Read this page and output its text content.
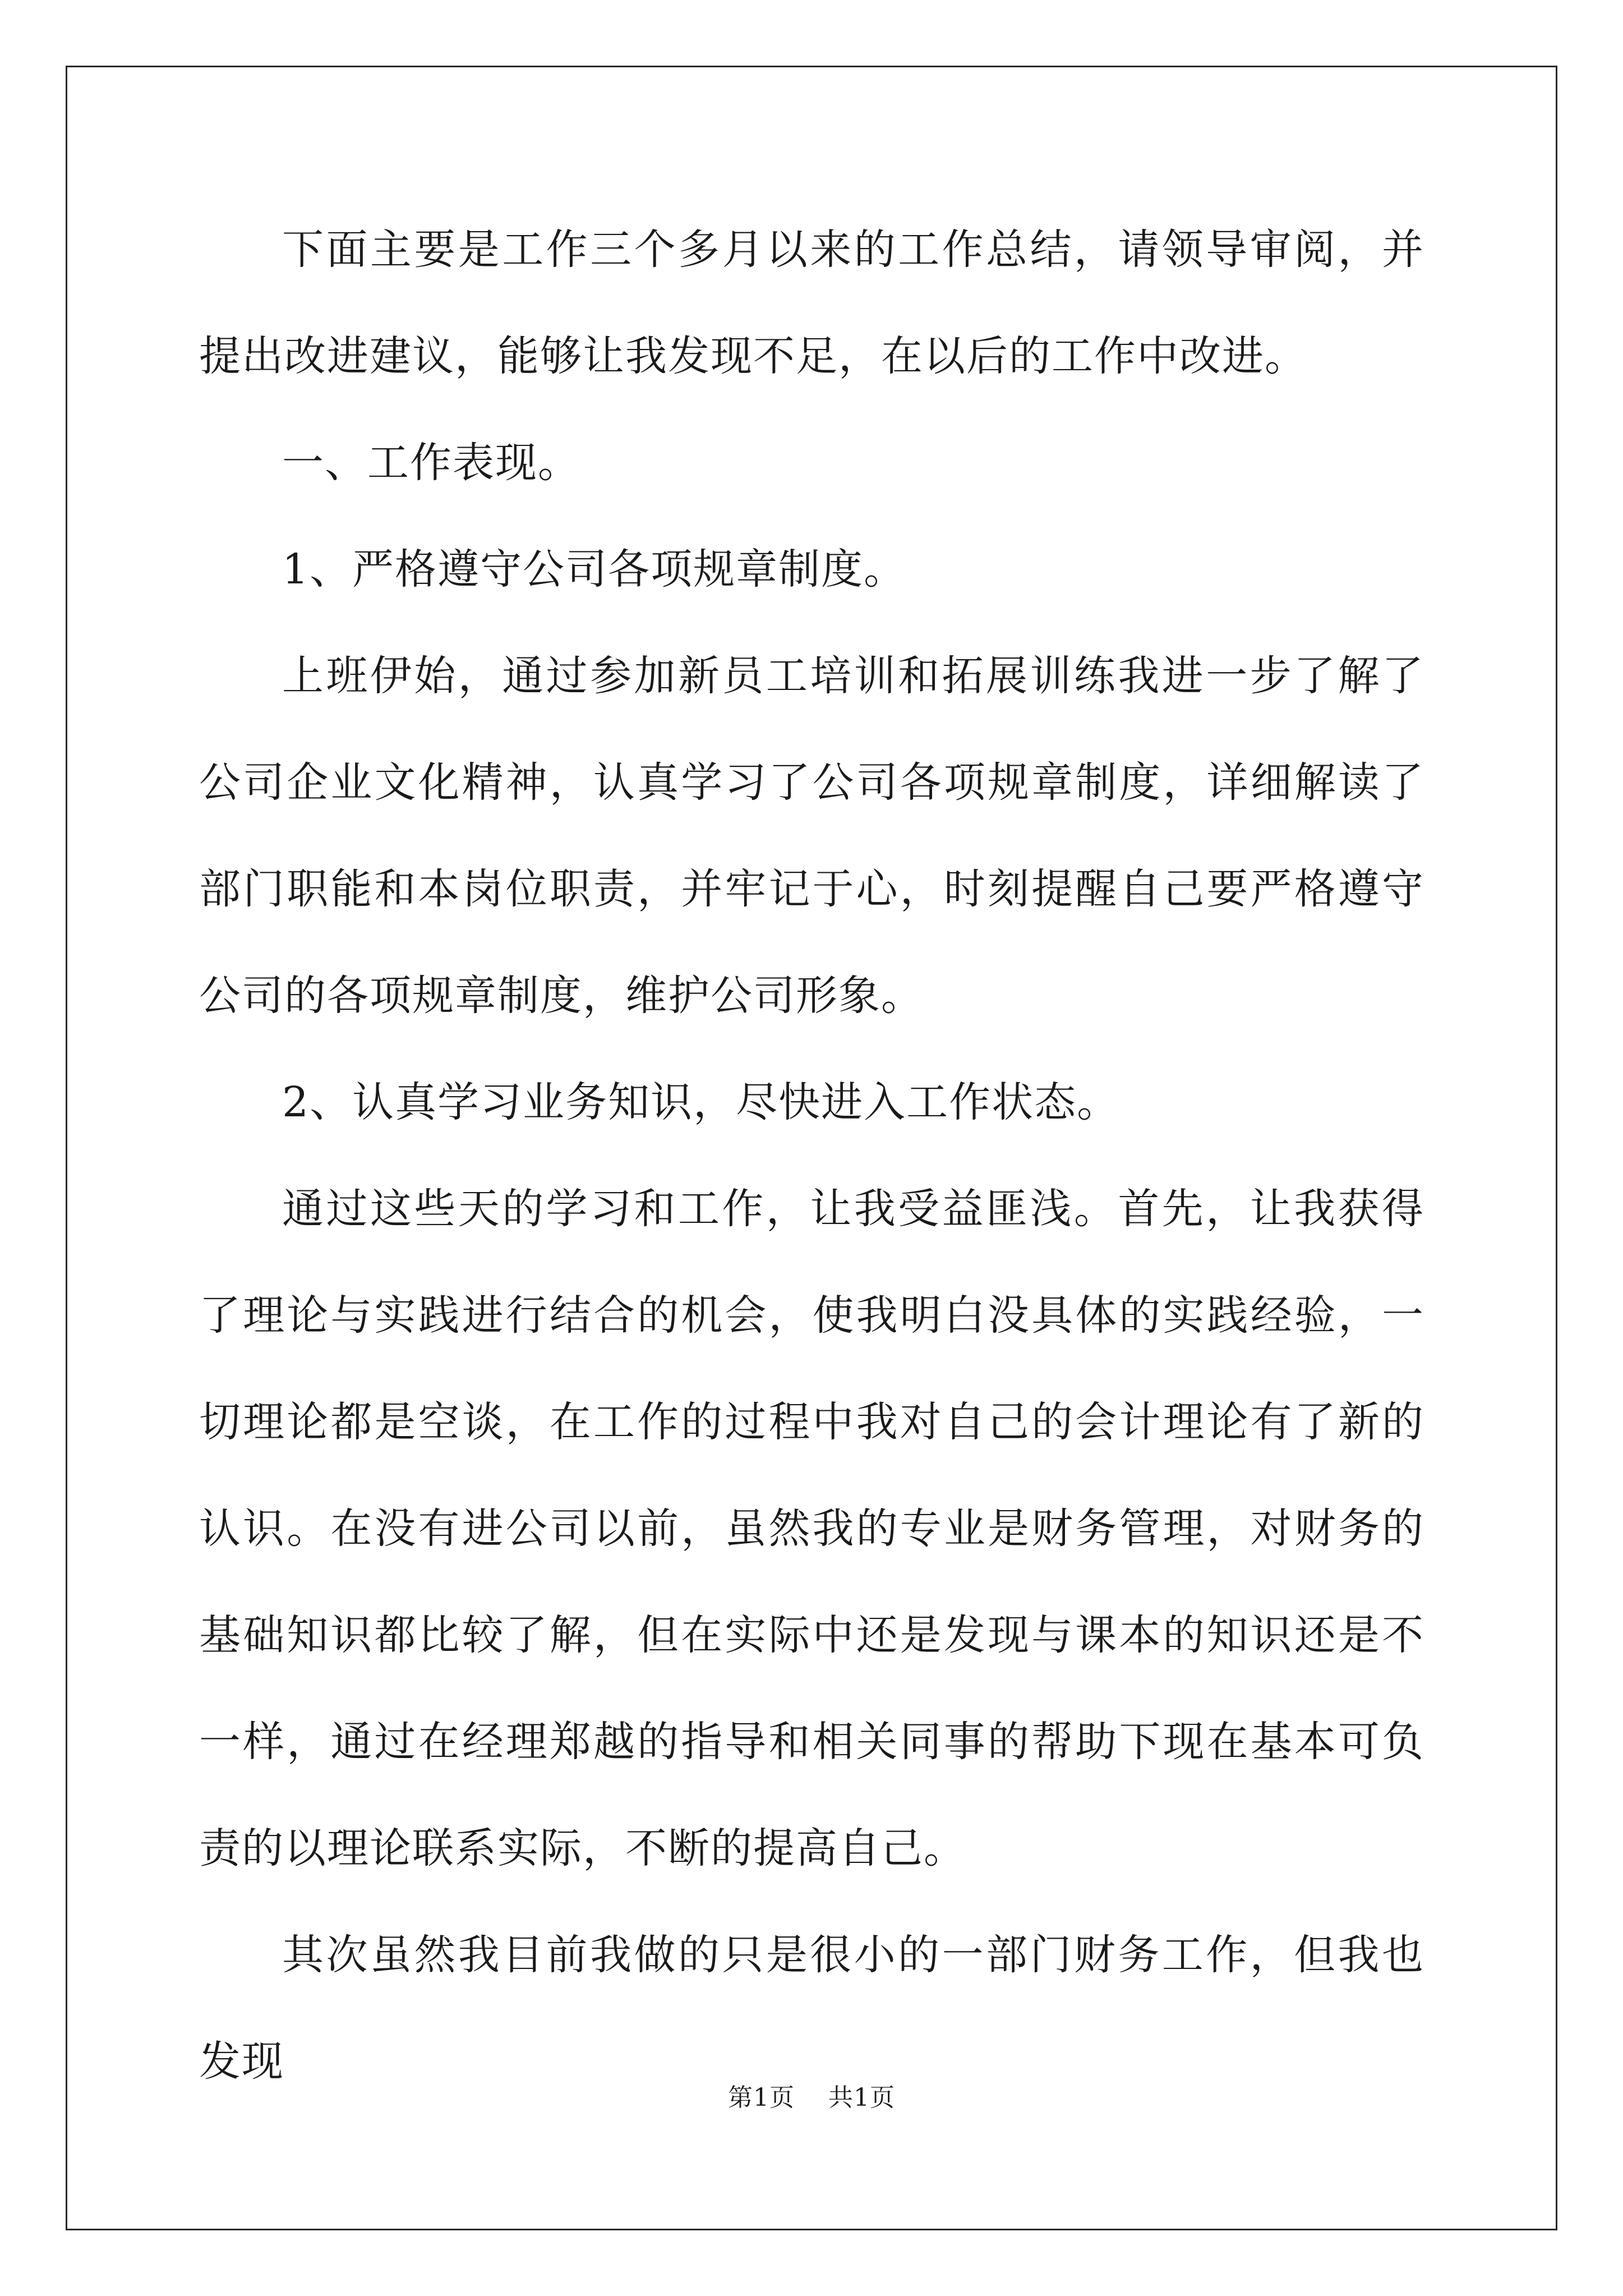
下面主要是工作三个多月以来的工作总结，请领导审阅，并提出改进建议，能够让我发现不足，在以后的工作中改进。

一、工作表现。

1、严格遵守公司各项规章制度。

上班伊始，通过参加新员工培训和拓展训练我进一步了解了公司企业文化精神，认真学习了公司各项规章制度，详细解读了部门职能和本岗位职责，并牢记于心，时刻提醒自己要严格遵守公司的各项规章制度，维护公司形象。

2、认真学习业务知识，尽快进入工作状态。

通过这些天的学习和工作，让我受益匪浅。首先，让我获得了理论与实践进行结合的机会，使我明白没具体的实践经验，一切理论都是空谈，在工作的过程中我对自己的会计理论有了新的认识。在没有进公司以前，虽然我的专业是财务管理，对财务的基础知识都比较了解，但在实际中还是发现与课本的知识还是不一样，通过在经理郑越的指导和相关同事的帮助下现在基本可负责的以理论联系实际，不断的提高自己。

其次虽然我目前我做的只是很小的一部门财务工作，但我也发现

第1页 共1页
